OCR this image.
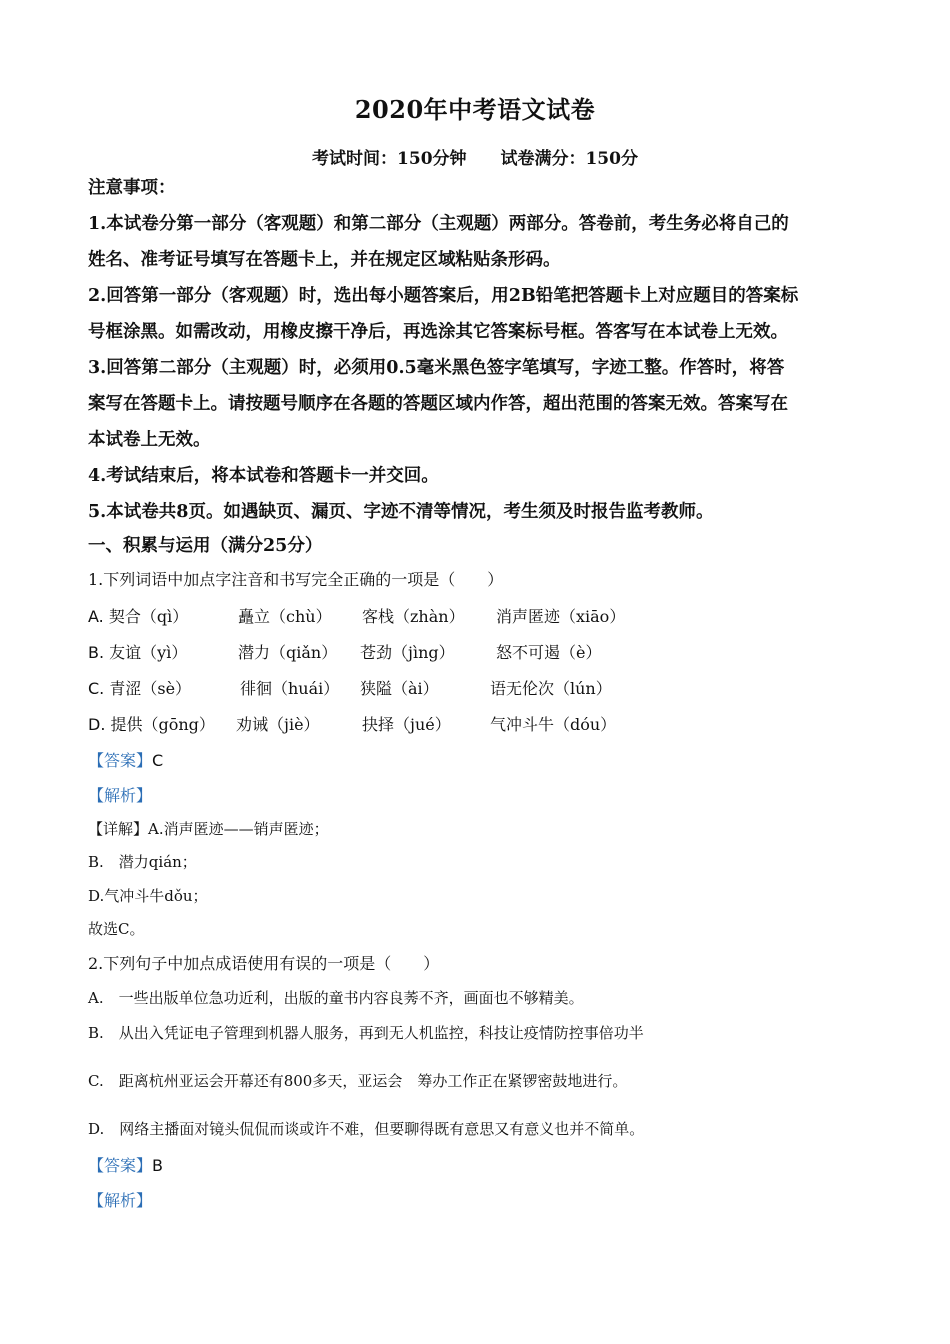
2020年中考语文试卷
考试时间：150分钟 试卷满分：150分
注意事项：
1.本试卷分第一部分（客观题）和第二部分（主观题）两部分。答卷前，考生务必将自己的
姓名、准考证号填写在答题卡上，并在规定区域粘贴条形码。
2.回答第一部分（客观题）时，选出每小题答案后，用2B铅笔把答题卡上对应题目的答案标
号框涂黑。如需改动，用橡皮擦干净后，再选涂其它答案标号框。答客写在本试卷上无效。
3.回答第二部分（主观题）时，必须用0.5毫米黑色签字笔填写，字迹工整。作答时，将答
案写在答题卡上。请按题号顺序在各题的答题区域内作答，超出范围的答案无效。答案写在
本试卷上无效。
4.考试结束后，将本试卷和答题卡一并交回。
5.本试卷共8页。如遇缺页、漏页、字迹不清等情况，考生须及时报告监考教师。
一、积累与运用（满分25分）
1.下列词语中加点字注音和书写完全正确的一项是（　　）
A. 契合（qì）	矗立（chù） 客栈（zhàn） 消声匿迹（xiāo）
B. 友谊（yì）	潜力（qiǎn） 苍劲（jìng）	怒不可遏（è）
C. 青涩（sè）	徘徊（huái） 狭隘（ài）	语无伦次（lún）
D. 提供（gōng） 劝诫（jiè）	抉择（jué） 气冲斗牛（dóu）
【答案】C
【解析】
【详解】A.消声匿迹——销声匿迹；
B.　潜力qián；
D.气冲斗牛dǒu；
故选C。
2.下列句子中加点成语使用有误的一项是（　　）
A.　一些出版单位急功近利，出版的童书内容良莠不齐，画面也不够精美。
B.　从出入凭证电子管理到机器人服务，再到无人机监控，科技让疫情防控事倍功半
C.　距离杭州亚运会开幕还有800多天，亚运会　筹办工作正在紧锣密鼓地进行。
D.　网络主播面对镜头侃侃而谈或许不难，但要聊得既有意思又有意义也并不简单。
【答案】B
【解析】
